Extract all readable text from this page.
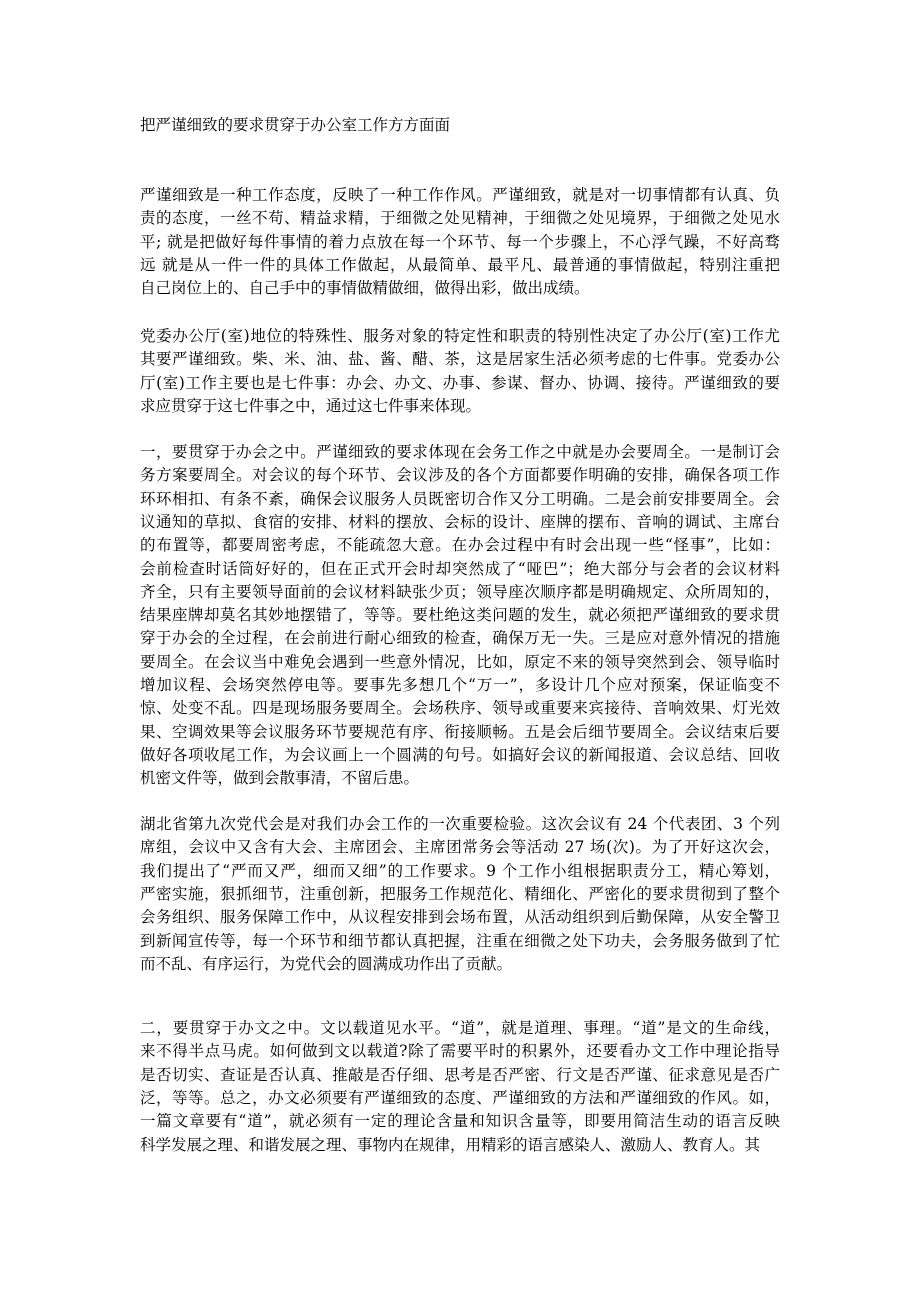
把严谨细致的要求贯穿于办公室工作方方面面
严谨细致是一种工作态度，反映了一种工作作风。严谨细致，就是对一切事情都有认真、负
责的态度，一丝不苟、精益求精，于细微之处见精神，于细微之处见境界，于细微之处见水
平; 就是把做好每件事情的着力点放在每一个环节、每一个步骤上，不心浮气躁，不好高骛
远 就是从一件一件的具体工作做起，从最简单、最平凡、最普通的事情做起，特别注重把
自己岗位上的、自己手中的事情做精做细，做得出彩，做出成绩。
党委办公厅(室)地位的特殊性、服务对象的特定性和职责的特别性决定了办公厅(室)工作尤
其要严谨细致。柴、米、油、盐、酱、醋、茶，这是居家生活必须考虑的七件事。党委办公
厅(室)工作主要也是七件事：办会、办文、办事、参谋、督办、协调、接待。严谨细致的要
求应贯穿于这七件事之中，通过这七件事来体现。
一，要贯穿于办会之中。严谨细致的要求体现在会务工作之中就是办会要周全。一是制订会
务方案要周全。对会议的每个环节、会议涉及的各个方面都要作明确的安排，确保各项工作
环环相扣、有条不紊，确保会议服务人员既密切合作又分工明确。二是会前安排要周全。会
议通知的草拟、食宿的安排、材料的摆放、会标的设计、座牌的摆布、音响的调试、主席台
的布置等，都要周密考虑，不能疏忽大意。在办会过程中有时会出现一些“怪事”，比如：
会前检查时话筒好好的，但在正式开会时却突然成了“哑巴”；绝大部分与会者的会议材料
齐全，只有主要领导面前的会议材料缺张少页；领导座次顺序都是明确规定、众所周知的，
结果座牌却莫名其妙地摆错了，等等。要杜绝这类问题的发生，就必须把严谨细致的要求贯
穿于办会的全过程，在会前进行耐心细致的检查，确保万无一失。三是应对意外情况的措施
要周全。在会议当中难免会遇到一些意外情况，比如，原定不来的领导突然到会、领导临时
增加议程、会场突然停电等。要事先多想几个“万一”，多设计几个应对预案，保证临变不
惊、处变不乱。四是现场服务要周全。会场秩序、领导或重要来宾接待、音响效果、灯光效
果、空调效果等会议服务环节要规范有序、衔接顺畅。五是会后细节要周全。会议结束后要
做好各项收尾工作，为会议画上一个圆满的句号。如搞好会议的新闻报道、会议总结、回收
机密文件等，做到会散事清，不留后患。
湖北省第九次党代会是对我们办会工作的一次重要检验。这次会议有 24 个代表团、3 个列
席组，会议中又含有大会、主席团会、主席团常务会等活动 27 场(次)。为了开好这次会，
我们提出了“严而又严，细而又细”的工作要求。9 个工作小组根据职责分工，精心筹划，
严密实施，狠抓细节，注重创新，把服务工作规范化、精细化、严密化的要求贯彻到了整个
会务组织、服务保障工作中，从议程安排到会场布置，从活动组织到后勤保障，从安全警卫
到新闻宣传等，每一个环节和细节都认真把握，注重在细微之处下功夫，会务服务做到了忙
而不乱、有序运行，为党代会的圆满成功作出了贡献。
二，要贯穿于办文之中。文以载道见水平。“道”，就是道理、事理。“道”是文的生命线，
来不得半点马虎。如何做到文以载道?除了需要平时的积累外，还要看办文工作中理论指导
是否切实、查证是否认真、推敲是否仔细、思考是否严密、行文是否严谨、征求意见是否广
泛，等等。总之，办文必须要有严谨细致的态度、严谨细致的方法和严谨细致的作风。如，
一篇文章要有“道”，就必须有一定的理论含量和知识含量等，即要用简洁生动的语言反映
科学发展之理、和谐发展之理、事物内在规律，用精彩的语言感染人、激励人、教育人。其
